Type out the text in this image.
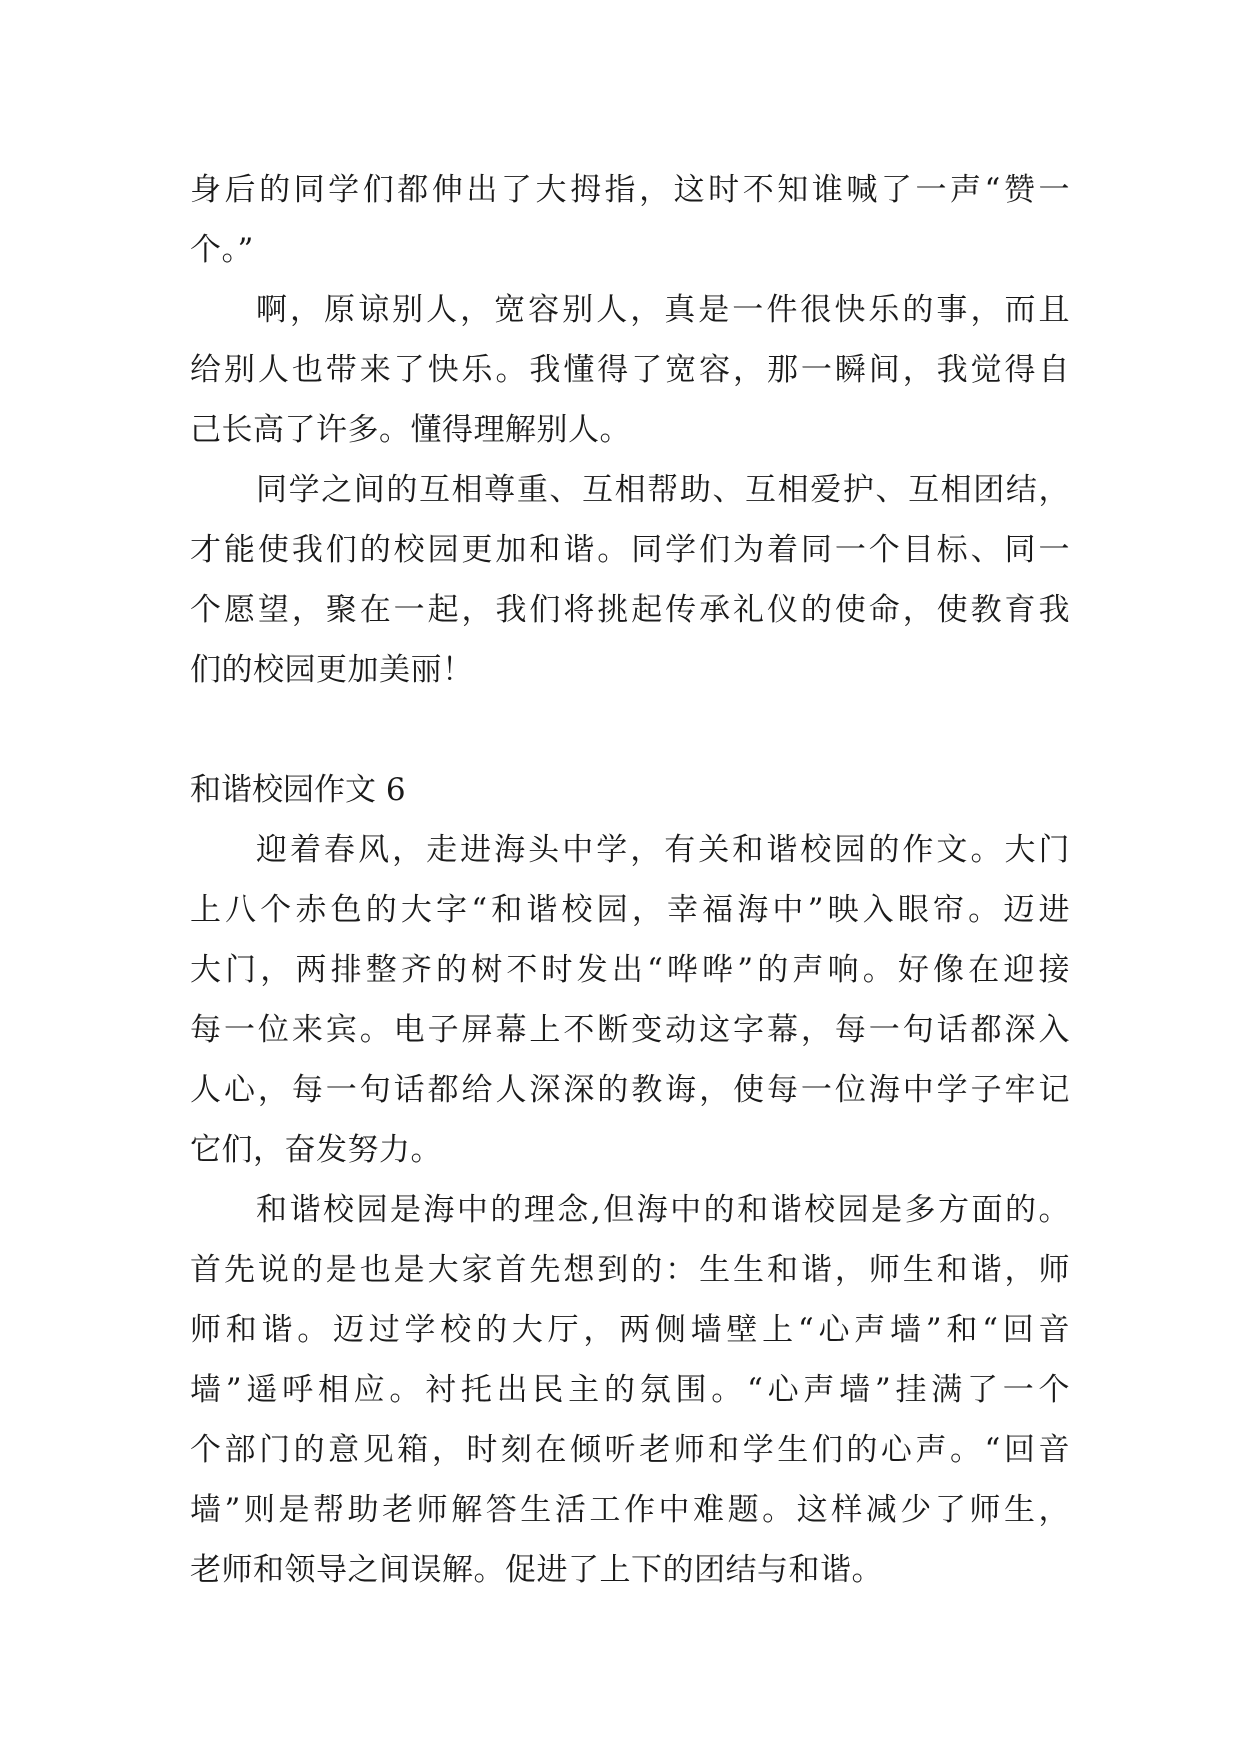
身后的同学们都伸出了大拇指，这时不知谁喊了一声“赞一
个。”
啊，原谅别人，宽容别人，真是一件很快乐的事，而且
给别人也带来了快乐。我懂得了宽容，那一瞬间，我觉得自
己长高了许多。懂得理解别人。
同学之间的互相尊重、互相帮助、互相爱护、互相团结，
才能使我们的校园更加和谐。同学们为着同一个目标、同一
个愿望，聚在一起，我们将挑起传承礼仪的使命，使教育我
们的校园更加美丽！
和谐校园作文 6
迎着春风，走进海头中学，有关和谐校园的作文。大门
上八个赤色的大字“和谐校园，幸福海中”映入眼帘。迈进
大门，两排整齐的树不时发出“哗哗”的声响。好像在迎接
每一位来宾。电子屏幕上不断变动这字幕，每一句话都深入
人心，每一句话都给人深深的教诲，使每一位海中学子牢记
它们，奋发努力。
和谐校园是海中的理念,但海中的和谐校园是多方面的。
首先说的是也是大家首先想到的：生生和谐，师生和谐，师
师和谐。迈过学校的大厅，两侧墙壁上“心声墙”和“回音
墙”遥呼相应。衬托出民主的氛围。“心声墙”挂满了一个
个部门的意见箱，时刻在倾听老师和学生们的心声。“回音
墙”则是帮助老师解答生活工作中难题。这样减少了师生，
老师和领导之间误解。促进了上下的团结与和谐。
